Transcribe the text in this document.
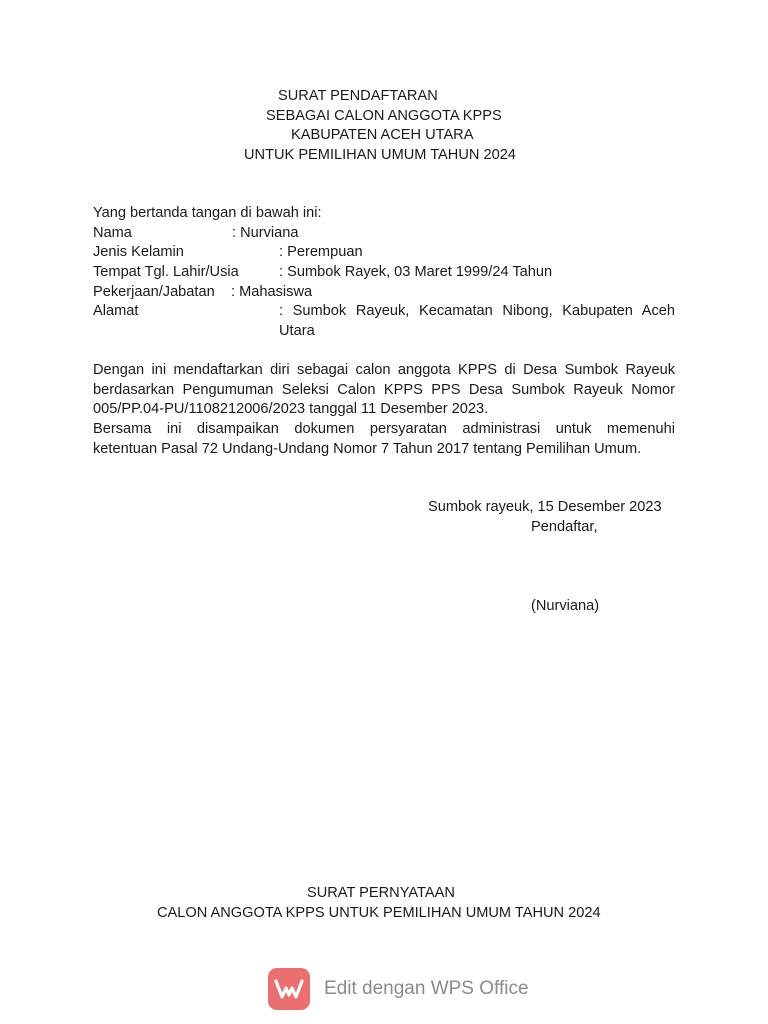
SURAT PENDAFTARAN
SEBAGAI CALON ANGGOTA KPPS
KABUPATEN ACEH UTARA
UNTUK PEMILIHAN UMUM TAHUN 2024
Yang bertanda tangan di bawah ini:
Nama	: Nurviana
Jenis Kelamin	: Perempuan
Tempat Tgl. Lahir/Usia	: Sumbok Rayek, 03 Maret 1999/24 Tahun
Pekerjaan/Jabatan : Mahasiswa
Alamat	: Sumbok Rayeuk, Kecamatan Nibong, Kabupaten Aceh
Utara
Dengan ini mendaftarkan diri sebagai calon anggota KPPS di Desa Sumbok Rayeuk
berdasarkan Pengumuman Seleksi Calon KPPS PPS Desa Sumbok Rayeuk Nomor
005/PP.04-PU/1108212006/2023 tanggal 11 Desember 2023.
Bersama ini disampaikan dokumen persyaratan administrasi untuk memenuhi
ketentuan Pasal 72 Undang-Undang Nomor 7 Tahun 2017 tentang Pemilihan Umum.
Sumbok rayeuk, 15 Desember 2023
Pendaftar,
(Nurviana)
SURAT PERNYATAAN
CALON ANGGOTA KPPS UNTUK PEMILIHAN UMUM TAHUN 2024
Edit dengan WPS Office
